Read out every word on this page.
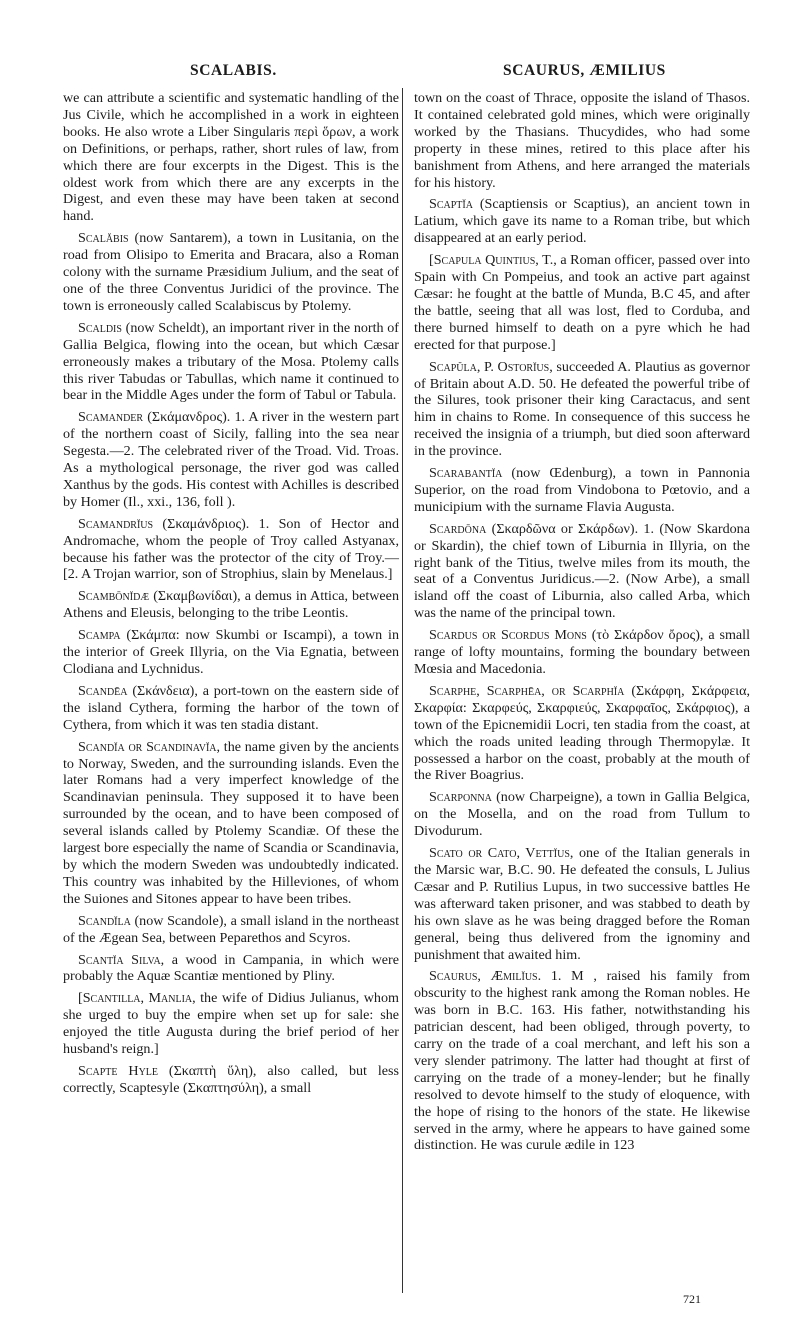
SCALABIS.	SCAURUS, ÆMILIUS

we can attribute a scientific and systematic handling of the Jus Civile, which he accomplished in a work in eighteen books. He also wrote a Liber Singularis περὶ ὅρων, a work on Definitions, or perhaps, rather, short rules of law, from which there are four excerpts in the Digest. This is the oldest work from which there are any excerpts in the Digest, and even these may have been taken at second hand.

Scalăbis (now Santarem), a town in Lusitania, on the road from Olisipo to Emerita and Bracara, also a Roman colony with the surname Præsidium Julium, and the seat of one of the three Conventus Juridici of the province. The town is erroneously called Scalabiscus by Ptolemy.

Scaldis (now Scheldt), an important river in the north of Gallia Belgica, flowing into the ocean, but which Cæsar erroneously makes a tributary of the Mosa. Ptolemy calls this river Tabudas or Tabullas, which name it continued to bear in the Middle Ages under the form of Tabul or Tabula.

Scamander (Σκάμανδρος). 1. A river in the western part of the northern coast of Sicily, falling into the sea near Segesta.—2. The celebrated river of the Troad. Vid. Troas. As a mythological personage, the river god was called Xanthus by the gods. His contest with Achilles is described by Homer (Il., xxi., 136, foll ).

Scamandrĭus (Σκαμάνδριος). 1. Son of Hector and Andromache, whom the people of Troy called Astyanax, because his father was the protector of the city of Troy.—[2. A Trojan warrior, son of Strophius, slain by Menelaus.]

Scambōnĭdæ (Σκαμβωνίδαι), a demus in Attica, between Athens and Eleusis, belonging to the tribe Leontis.

Scampa (Σκάμπα: now Skumbi or Iscampi), a town in the interior of Greek Illyria, on the Via Egnatia, between Clodiana and Lychnidus.

Scandēa (Σκάνδεια), a port-town on the eastern side of the island Cythera, forming the harbor of the town of Cythera, from which it was ten stadia distant.

Scandĭa or Scandinavĭa, the name given by the ancients to Norway, Sweden, and the surrounding islands. Even the later Romans had a very imperfect knowledge of the Scandinavian peninsula. They supposed it to have been surrounded by the ocean, and to have been composed of several islands called by Ptolemy Scandiæ. Of these the largest bore especially the name of Scandia or Scandinavia, by which the modern Sweden was undoubtedly indicated. This country was inhabited by the Hilleviones, of whom the Suiones and Sitones appear to have been tribes.

Scandĭla (now Scandole), a small island in the northeast of the Ægean Sea, between Peparethos and Scyros.

Scantĭa Silva, a wood in Campania, in which were probably the Aquæ Scantiæ mentioned by Pliny.

[Scantilla, Manlia, the wife of Didius Julianus, whom she urged to buy the empire when set up for sale: she enjoyed the title Augusta during the brief period of her husband's reign.]

Scapte Hyle (Σκαπτὴ ὕλη), also called, but less correctly, Scaptesyle (Σκαπτησύλη), a small

town on the coast of Thrace, opposite the island of Thasos. It contained celebrated gold mines, which were originally worked by the Thasians. Thucydides, who had some property in these mines, retired to this place after his banishment from Athens, and here arranged the materials for his history.

Scaptĭa (Scaptiensis or Scaptius), an ancient town in Latium, which gave its name to a Roman tribe, but which disappeared at an early period.

[Scapula Quintius, T., a Roman officer, passed over into Spain with Cn Pompeius, and took an active part against Cæsar: he fought at the battle of Munda, B.C 45, and after the battle, seeing that all was lost, fled to Corduba, and there burned himself to death on a pyre which he had erected for that purpose.]

Scapŭla, P. Ostorĭus, succeeded A. Plautius as governor of Britain about A.D. 50. He defeated the powerful tribe of the Silures, took prisoner their king Caractacus, and sent him in chains to Rome. In consequence of this success he received the insignia of a triumph, but died soon afterward in the province.

Scarabantĭa (now Œdenburg), a town in Pannonia Superior, on the road from Vindobona to Pœtovio, and a municipium with the surname Flavia Augusta.

Scardōna (Σκαρδῶνα or Σκάρδων). 1. (Now Skardona or Skardin), the chief town of Liburnia in Illyria, on the right bank of the Titius, twelve miles from its mouth, the seat of a Conventus Juridicus.—2. (Now Arbe), a small island off the coast of Liburnia, also called Arba, which was the name of the principal town.

Scardus or Scordus Mons (τὸ Σκάρδον ὄρος), a small range of lofty mountains, forming the boundary between Mœsia and Macedonia.

Scarphe, Scarphēa, or Scarphĭa (Σκάρφη, Σκάρφεια, Σκαρφία: Σκαρφεύς, Σκαρφιεύς, Σκαρφαῖος, Σκάρφιος), a town of the Epicnemidii Locri, ten stadia from the coast, at which the roads united leading through Thermopylæ. It possessed a harbor on the coast, probably at the mouth of the River Boagrius.

Scarponna (now Charpeigne), a town in Gallia Belgica, on the Mosella, and on the road from Tullum to Divodurum.

Scato or Cato, Vettĭus, one of the Italian generals in the Marsic war, B.C. 90. He defeated the consuls, L Julius Cæsar and P. Rutilius Lupus, in two successive battles He was afterward taken prisoner, and was stabbed to death by his own slave as he was being dragged before the Roman general, being thus delivered from the ignominy and punishment that awaited him.

Scaurus, Æmilĭus. 1. M , raised his family from obscurity to the highest rank among the Roman nobles. He was born in B.C. 163. His father, notwithstanding his patrician descent, had been obliged, through poverty, to carry on the trade of a coal merchant, and left his son a very slender patrimony. The latter had thought at first of carrying on the trade of a money-lender; but he finally resolved to devote himself to the study of eloquence, with the hope of rising to the honors of the state. He likewise served in the army, where he appears to have gained some distinction. He was curule ædile in 123

721
